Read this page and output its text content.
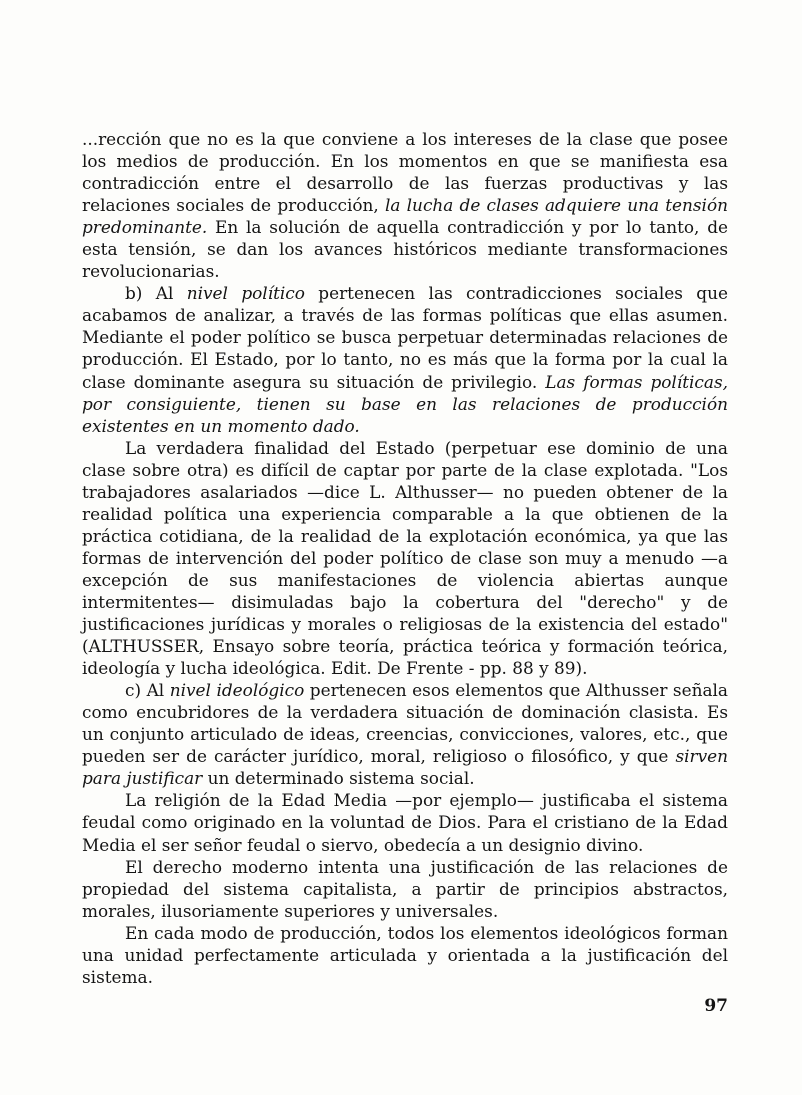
...rección que no es la que conviene a los intereses de la clase que posee los medios de producción. En los momentos en que se manifiesta esa contradicción entre el desarrollo de las fuerzas productivas y las relaciones sociales de producción, la lucha de clases adquiere una tensión predominante. En la solución de aquella contradicción y por lo tanto, de esta tensión, se dan los avances históricos mediante transformaciones revolucionarias.

b) Al nivel político pertenecen las contradicciones sociales que acabamos de analizar, a través de las formas políticas que ellas asumen. Mediante el poder político se busca perpetuar determinadas relaciones de producción. El Estado, por lo tanto, no es más que la forma por la cual la clase dominante asegura su situación de privilegio. Las formas políticas, por consiguiente, tienen su base en las relaciones de producción existentes en un momento dado.

La verdadera finalidad del Estado (perpetuar ese dominio de una clase sobre otra) es difícil de captar por parte de la clase explotada. "Los trabajadores asalariados —dice L. Althusser— no pueden obtener de la realidad política una experiencia comparable a la que obtienen de la práctica cotidiana, de la realidad de la explotación económica, ya que las formas de intervención del poder político de clase son muy a menudo —a excepción de sus manifestaciones de violencia abiertas aunque intermitentes— disimuladas bajo la cobertura del "derecho" y de justificaciones jurídicas y morales o religiosas de la existencia del estado" (ALTHUSSER, Ensayo sobre teoría, práctica teórica y formación teórica, ideología y lucha ideológica. Edit. De Frente - pp. 88 y 89).

c) Al nivel ideológico pertenecen esos elementos que Althusser señala como encubridores de la verdadera situación de dominación clasista. Es un conjunto articulado de ideas, creencias, convicciones, valores, etc., que pueden ser de carácter jurídico, moral, religioso o filosófico, y que sirven para justificar un determinado sistema social.

La religión de la Edad Media —por ejemplo— justificaba el sistema feudal como originado en la voluntad de Dios. Para el cristiano de la Edad Media el ser señor feudal o siervo, obedecía a un designio divino.

El derecho moderno intenta una justificación de las relaciones de propiedad del sistema capitalista, a partir de principios abstractos, morales, ilusoriamente superiores y universales.

En cada modo de producción, todos los elementos ideológicos forman una unidad perfectamente articulada y orientada a la justificación del sistema.

97
